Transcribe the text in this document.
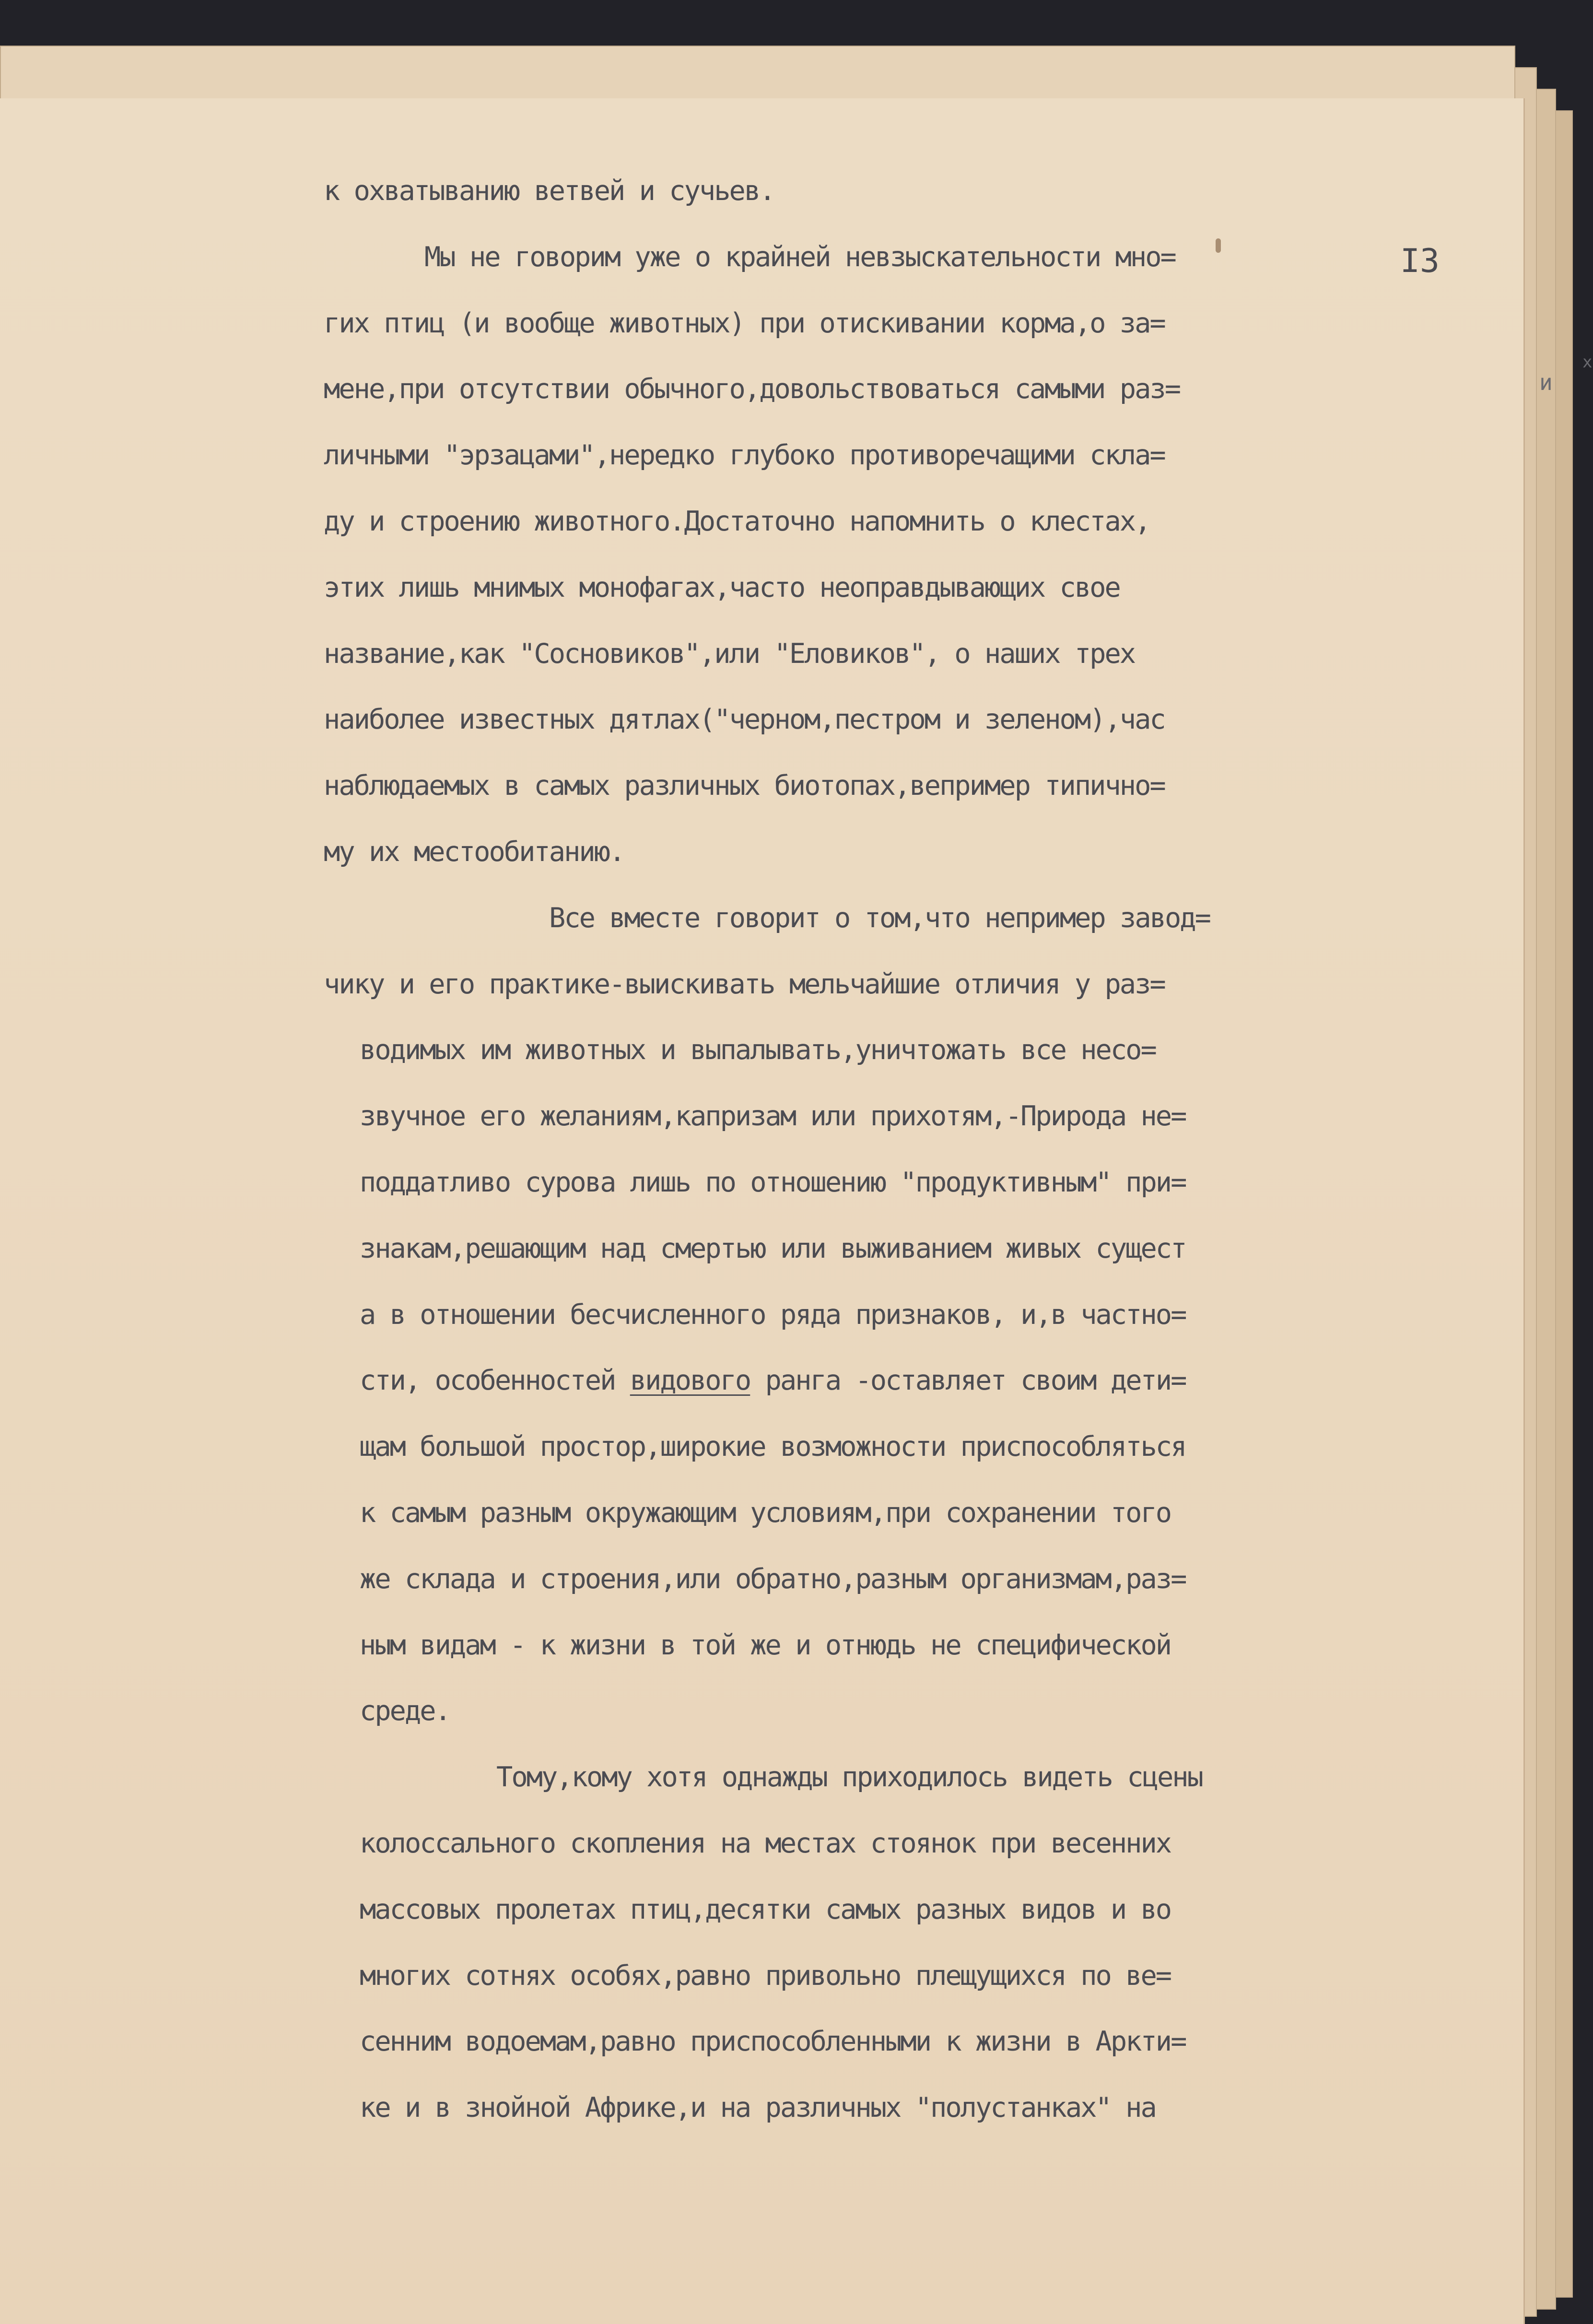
I3
и
х
к охватыванию ветвей и сучьев.
Мы не говорим уже о крайней невзыскательности мно=
гих птиц (и вообще животных) при отискивании корма,о за=
мене,при отсутствии обычного,довольствоваться самыми раз=
личными "эрзацами",нередко глубоко противоречащими скла=
ду и строению животного.Достаточно напомнить о клестах,
этих лишь мнимых монофагах,часто неоправдывающих свое
название,как "Сосновиков",или "Еловиков", о наших трех
наиболее известных дятлах("черном,пестром и зеленом),час
наблюдаемых в самых различных биотопах,вепример типично=
му их местообитанию.
Все вместе говорит о том,что непример завод=
чику и его практике-выискивать мельчайшие отличия у раз=
водимых им животных и выпалывать,уничтожать все несо=
звучное его желаниям,капризам или прихотям,-Природа не=
поддатливо сурова лишь по отношению "продуктивным" при=
знакам,решающим над смертью или выживанием живых сущест
а в отношении бесчисленного ряда признаков, и,в частно=
сти, особенностей видового ранга -оставляет своим дети=
щам большой простор,широкие возможности приспособляться
к самым разным окружающим условиям,при сохранении того
же склада и строения,или обратно,разным организмам,раз=
ным видам - к жизни в той же и отнюдь не специфической
среде.
Тому,кому хотя однажды приходилось видеть сцены
колоссального скопления на местах стоянок при весенних
массовых пролетах птиц,десятки самых разных видов и во
многих сотнях особях,равно привольно плещущихся по ве=
сенним водоемам,равно приспособленными к жизни в Аркти=
ке и в знойной Африке,и на различных "полустанках" на
